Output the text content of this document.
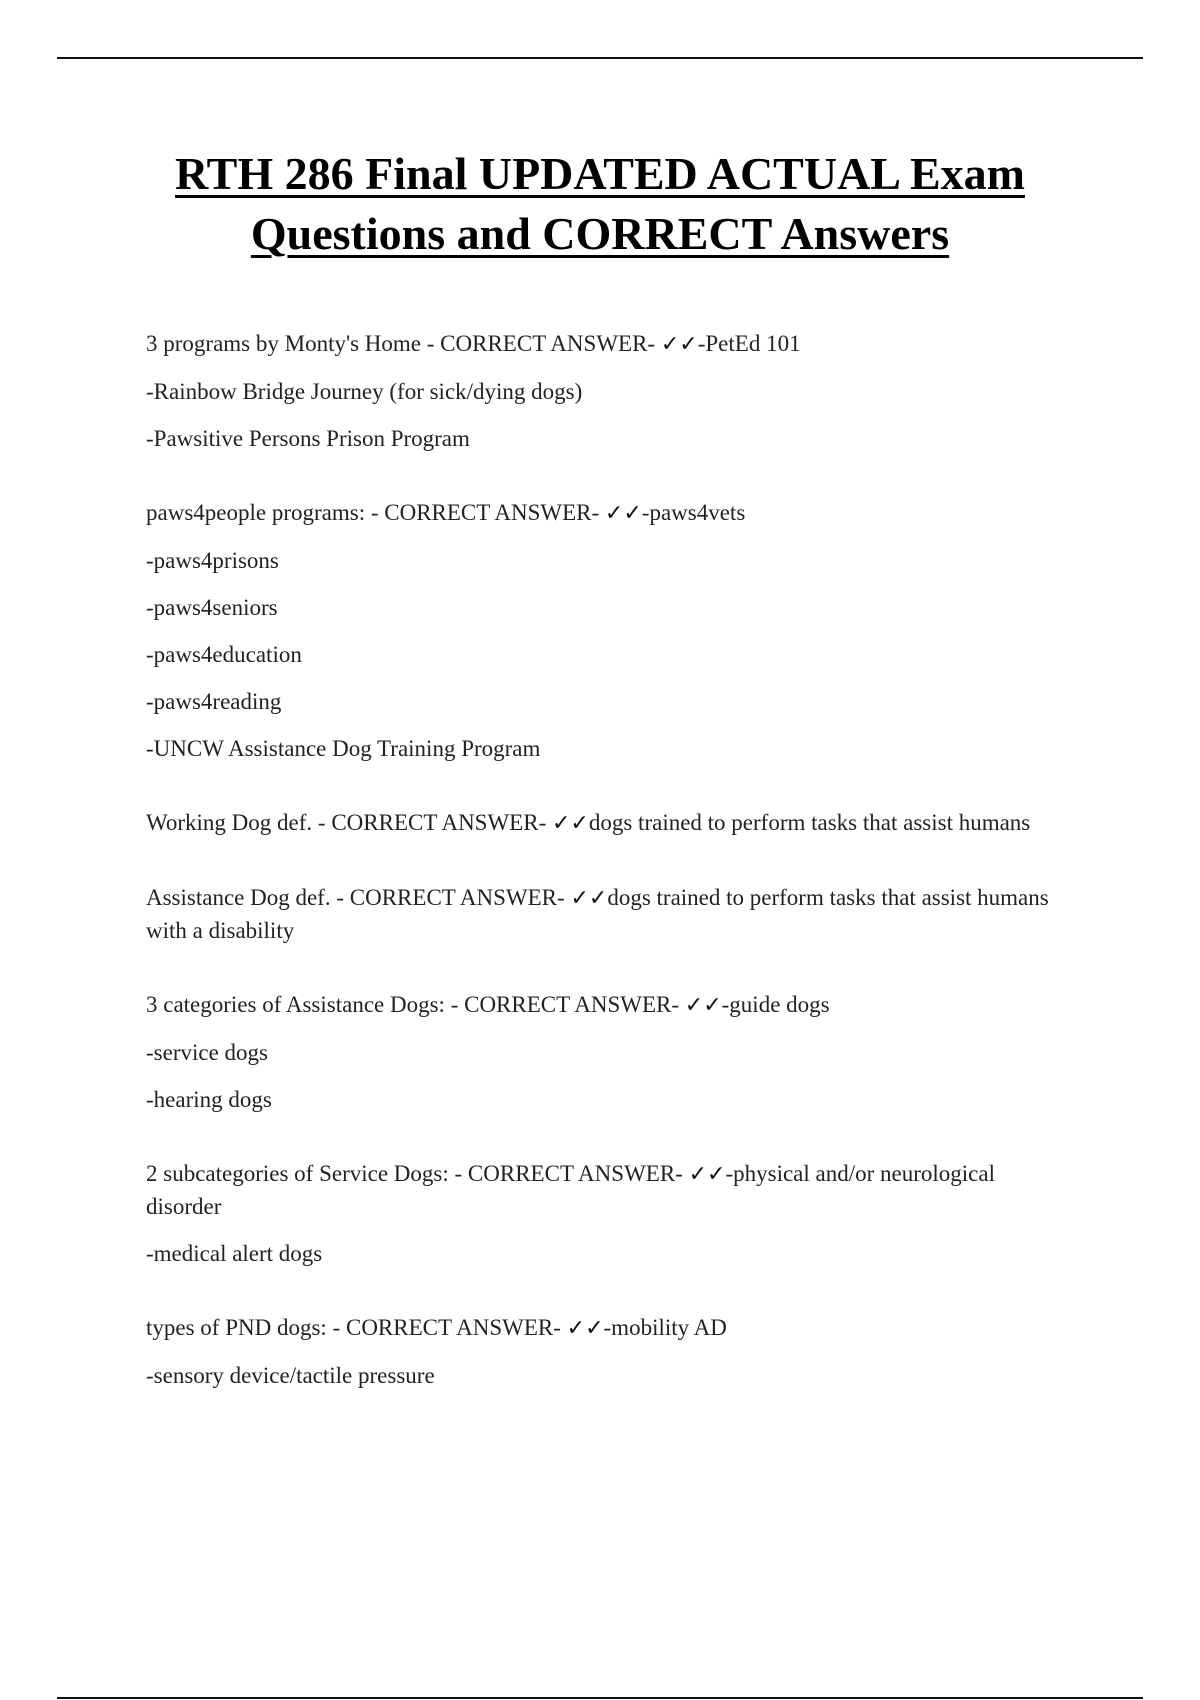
RTH 286 Final UPDATED ACTUAL Exam
Questions and CORRECT Answers
3 programs by Monty's Home - CORRECT ANSWER- ✓✓-PetEd 101
-Rainbow Bridge Journey (for sick/dying dogs)
-Pawsitive Persons Prison Program
paws4people programs: - CORRECT ANSWER- ✓✓-paws4vets
-paws4prisons
-paws4seniors
-paws4education
-paws4reading
-UNCW Assistance Dog Training Program
Working Dog def. - CORRECT ANSWER- ✓✓dogs trained to perform tasks that assist humans
Assistance Dog def. - CORRECT ANSWER- ✓✓dogs trained to perform tasks that assist humans with a disability
3 categories of Assistance Dogs: - CORRECT ANSWER- ✓✓-guide dogs
-service dogs
-hearing dogs
2 subcategories of Service Dogs: - CORRECT ANSWER- ✓✓-physical and/or neurological disorder
-medical alert dogs
types of PND dogs: - CORRECT ANSWER- ✓✓-mobility AD
-sensory device/tactile pressure
